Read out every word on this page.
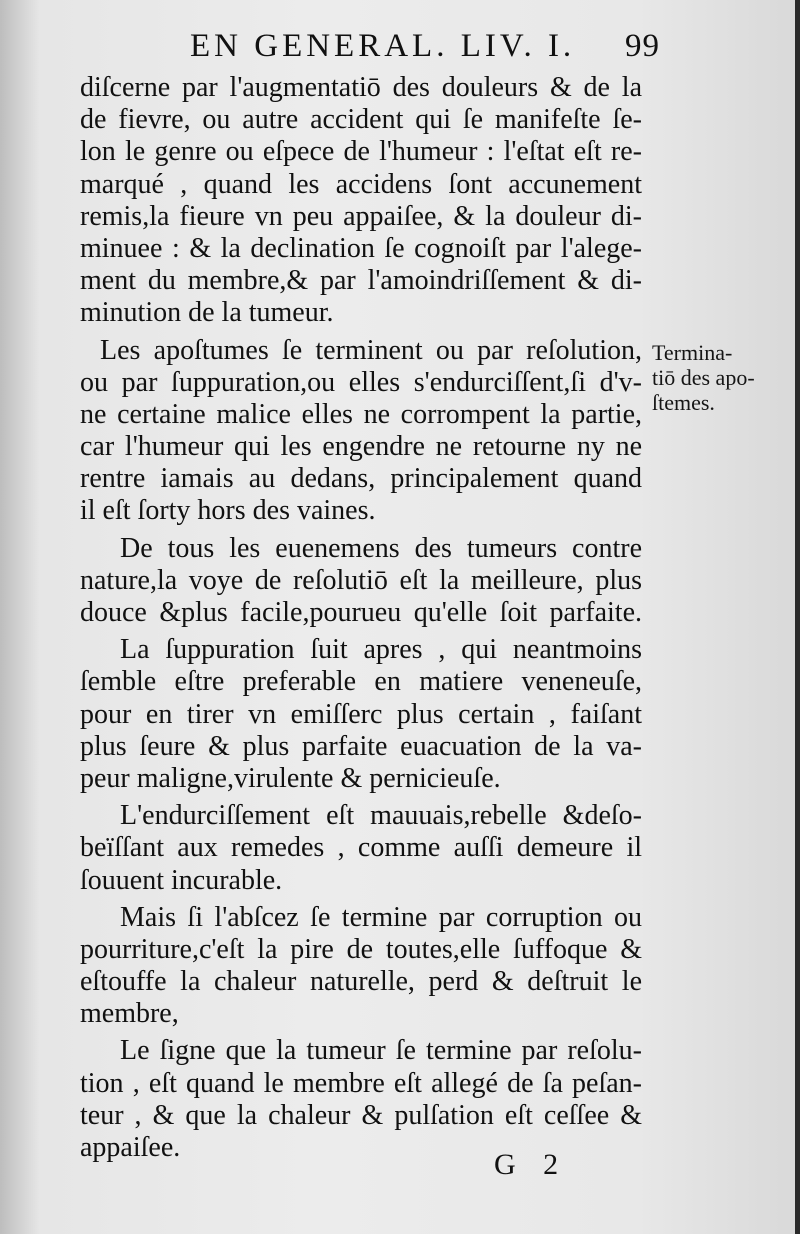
EN GENERAL. LIV. I. 99
diſcerne par l'augmentatiō des douleurs & de la
de fievre, ou autre accident qui ſe manifeſte ſe-
lon le genre ou eſpece de l'humeur : l'eſtat eſt re-
marqué , quand les accidens ſont accunement
remis,la fieure vn peu appaiſee, & la douleur di-
minuee : & la declination ſe cognoiſt par l'alege-
ment du membre,& par l'amoindriſſement & di-
minution de la tumeur.
Les apoſtumes ſe terminent ou par reſolution,
ou par ſuppuration,ou elles s'endurciſſent,ſi d'v-
ne certaine malice elles ne corrompent la partie,
car l'humeur qui les engendre ne retourne ny ne
rentre iamais au dedans, principalement quand
il eſt ſorty hors des vaines.
De tous les euenemens des tumeurs contre
nature,la voye de reſolutiō eſt la meilleure, plus
douce &plus facile,pourueu qu'elle ſoit parfaite.
La ſuppuration ſuit apres , qui neantmoins
ſemble eſtre preferable en matiere veneneuſe,
pour en tirer vn emiſſerc plus certain , faiſant
plus ſeure & plus parfaite euacuation de la va-
peur maligne,virulente & pernicieuſe.
L'endurciſſement eſt mauuais,rebelle &deſo-
beïſſant aux remedes , comme auſſi demeure il
ſouuent incurable.
Mais ſi l'abſcez ſe termine par corruption ou
pourriture,c'eſt la pire de toutes,elle ſuffoque &
eſtouffe la chaleur naturelle, perd & deſtruit le
membre,
Le ſigne que la tumeur ſe termine par reſolu-
tion , eſt quand le membre eſt allegé de ſa peſan-
teur , & que la chaleur & pulſation eſt ceſſee &
appaiſee.
Termina-
tiō des apo-
ſtemes.
G 2
